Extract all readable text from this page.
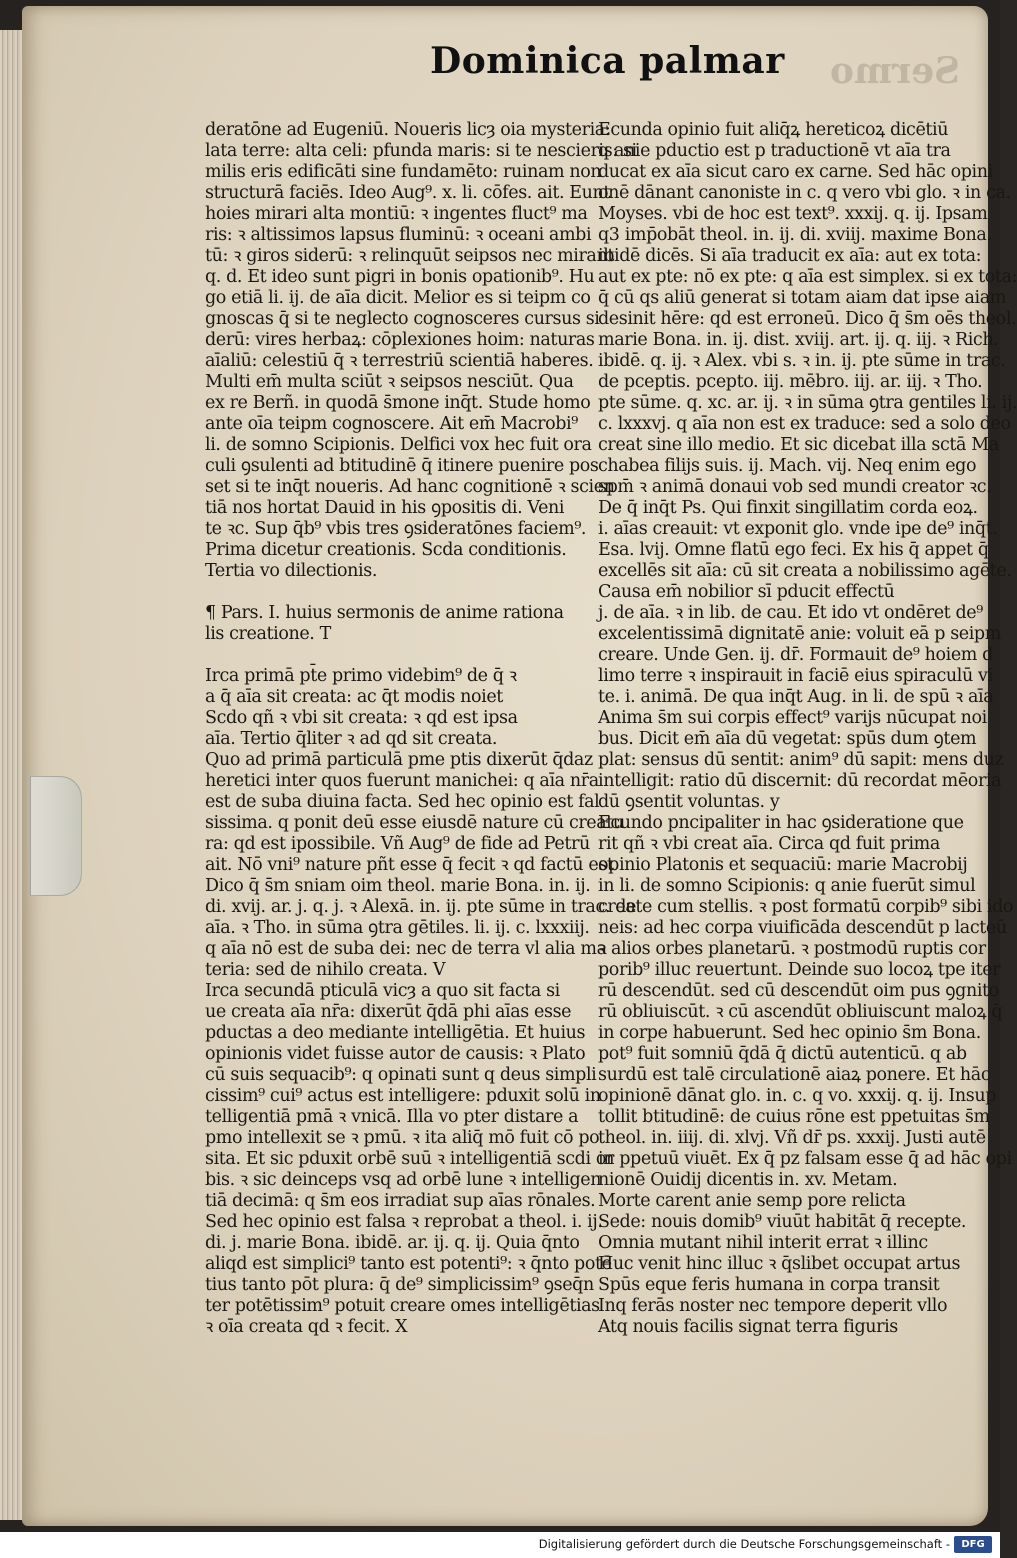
Dominica palmar	Sermo
deratōne ad Eugeniū. Noueris licȝ oia mysteria:
lata terre: alta celi: pfunda maris: si te nescieris: si
milis eris edificāti sine fundamēto: ruinam non
structurā faciēs. Ideo Aug⁹. x. li. cōfes. ait. Eunt
hoies mirari alta montiū: ꝛ ingentes fluct⁹ ma
ris: ꝛ altissimos lapsus fluminū: ꝛ oceani ambi
tū: ꝛ giros siderū: ꝛ relinquūt seipsos nec mirant
q. d. Et ideo sunt pigri in bonis opationib⁹. Hu
go etiā li. ij. de aīa dicit. Melior es si teipm co
gnoscas q̄ si te neglecto cognosceres cursus si
derū: vires herbaꝝ: cōplexiones hoim: naturas
aīaliū: celestiū q̄ ꝛ terrestriū scientiā haberes.
Multi em̄ multa sciūt ꝛ seipsos nesciūt. Qua
ex re Berñ. in quodā s̄mone inq̄t. Stude homo
ante oīa teipm cognoscere. Ait em̄ Macrobi⁹
li. de somno Scipionis. Delfici vox hec fuit ora
culi ꝯsulenti ad btitudinē q̄ itinere puenire pos
set si te inq̄t noueris. Ad hanc cognitionē ꝛ scien
tiā nos hortat Dauid in his ꝯpositis di. Veni
te ꝛc. Sup q̄b⁹ vbis tres ꝯsideratōnes faciem⁹.
Prima dicetur creationis. Scda conditionis.
Tertia vo dilectionis.
¶ Pars. I. huius sermonis de anime rationa
lis creatione. T
Irca primā pt̄e primo videbim⁹ de q̄ ꝛ
a q̄ aīa sit creata: ac q̄t modis noiet
Scdo qñ ꝛ vbi sit creata: ꝛ qd est ipsa
aīa. Tertio q̄liter ꝛ ad qd sit creata.
Quo ad primā particulā pme ptis dixerūt q̄daz
heretici inter quos fuerunt manichei: q aīa nr̄a
est de suba diuina facta. Sed hec opinio est fal
sissima. q ponit deū esse eiusdē nature cū creatu
ra: qd est ipossibile. Vñ Aug⁹ de fide ad Petrū
ait. Nō vni⁹ nature pñt esse q̄ fecit ꝛ qd factū est
Dico q̄ s̄m sniam oim theol. marie Bona. in. ij.
di. xvij. ar. j. q. j. ꝛ Alexā. in. ij. pte sūme in trac. de
aīa. ꝛ Tho. in sūma ꝯtra gētiles. li. ij. c. lxxxiij.
q aīa nō est de suba dei: nec de terra vl alia ma
teria: sed de nihilo creata. V
Irca secundā pticulā vicȝ a quo sit facta si
ue creata aīa nr̄a: dixerūt q̄dā phi aīas esse
pductas a deo mediante intelligētia. Et huius
opinionis videt fuisse autor de causis: ꝛ Plato
cū suis sequacib⁹: q opinati sunt q deus simpli
cissim⁹ cui⁹ actus est intelligere: pduxit solū in
telligentiā pmā ꝛ vnicā. Illa vo pter distare a
pmo intellexit se ꝛ pmū. ꝛ ita aliq̄ mō fuit cō po
sita. Et sic pduxit orbē suū ꝛ intelligentiā scdi or
bis. ꝛ sic deinceps vsq ad orbē lune ꝛ intelligen
tiā decimā: q s̄m eos irradiat sup aīas rōnales.
Sed hec opinio est falsa ꝛ reprobat a theol. i. ij.
di. j. marie Bona. ibidē. ar. ij. q. ij. Quia q̄nto
aliqd est simplici⁹ tanto est potenti⁹: ꝛ q̄nto potē
tius tanto pōt plura: q̄ de⁹ simplicissim⁹ ꝯseq̄n
ter potētissim⁹ potuit creare omes intelligētias
ꝛ oīa creata qd ꝛ fecit. X
Ecunda opinio fuit aliq̄ꝝ hereticoꝝ dicētiū
q anie pductio est p traductionē vt aīa tra
ducat ex aīa sicut caro ex carne. Sed hāc opini
onē dānant canoniste in c. q vero vbi glo. ꝛ in ca.
Moyses. vbi de hoc est text⁹. xxxij. q. ij. Ipsam
q3 imp̄obāt theol. in. ij. di. xviij. maxime Bona.
ibidē dicēs. Si aīa traducit ex aīa: aut ex tota:
aut ex pte: nō ex pte: q aīa est simplex. si ex tota:
q̄ cū qs aliū generat si totam aiam dat ipse aiam
desinit hēre: qd est erroneū. Dico q̄ s̄m oēs theol.
marie Bona. in. ij. dist. xviij. art. ij. q. iij. ꝛ Rich.
ibidē. q. ij. ꝛ Alex. vbi s. ꝛ in. ij. pte sūme in trac.
de pceptis. pcepto. iij. mēbro. iij. ar. iij. ꝛ Tho.
pte sūme. q. xc. ar. ij. ꝛ in sūma ꝯtra gentiles li. ij.
c. lxxxvj. q aīa non est ex traduce: sed a solo deo
creat sine illo medio. Et sic dicebat illa sctā Ma
chabea filijs suis. ij. Mach. vij. Neq enim ego
spm̄ ꝛ animā donaui vob sed mundi creator ꝛc.
De q̄ inq̄t Ps. Qui finxit singillatim corda eoꝝ.
i. aīas creauit: vt exponit glo. vnde ipe de⁹ inq̄t.
Esa. lvij. Omne flatū ego feci. Ex his q̄ appet q̄
excellēs sit aīa: cū sit creata a nobilissimo agēte.
Causa em̄ nobilior sī pducit effectū
j. de aīa. ꝛ in lib. de cau. Et ido vt ondēret de⁹
excelentissimā dignitatē anie: voluit eā p seipm
creare. Unde Gen. ij. dr̄. Formauit de⁹ hoiem d
limo terre ꝛ inspirauit in faciē eius spiraculū vi
te. i. animā. De qua inq̄t Aug. in li. de spū ꝛ aīa
Anima s̄m sui corpis effect⁹ varijs nūcupat noi
bus. Dicit em̄ aīa dū vegetat: spūs dum ꝯtem
plat: sensus dū sentit: anim⁹ dū sapit: mens duz
intelligit: ratio dū discernit: dū recordat mēoria
dū ꝯsentit voluntas. y
Ecundo pncipaliter in hac ꝯsideratione que
rit qñ ꝛ vbi creat aīa. Circa qd fuit prima
opinio Platonis et sequaciū: marie Macrobij
in li. de somno Scipionis: q anie fuerūt simul
create cum stellis. ꝛ post formatū corpib⁹ sibi ido
neis: ad hec corpa viuificāda descendūt p lacteū
ꝛ alios orbes planetarū. ꝛ postmodū ruptis cor
porib⁹ illuc reuertunt. Deinde suo locoꝝ tpe iter
rū descendūt. sed cū descendūt oim pus ꝯgnito
rū obliuiscūt. ꝛ cū ascendūt obliuiscunt maloꝝ q̄
in corpe habuerunt. Sed hec opinio s̄m Bona.
pot⁹ fuit somniū q̄dā q̄ dictū autenticū. q ab
surdū est talē circulationē aiaꝝ ponere. Et hāc
opinionē dānat glo. in. c. q vo. xxxij. q. ij. Insup
tollit btitudinē: de cuius rōne est ppetuitas s̄m
theol. in. iiij. di. xlvj. Vñ dr̄ ps. xxxij. Justi autē
in ppetuū viuēt. Ex q̄ pz falsam esse q̄ ad hāc opi
nionē Ouidij dicentis in. xv. Metam.
Morte carent anie semp pore relicta
Sede: nouis domib⁹ viuūt habitāt q̄ recepte.
Omnia mutant nihil interit errat ꝛ illinc
Huc venit hinc illuc ꝛ q̄slibet occupat artus
Spūs eque feris humana in corpa transit
Inq ferās noster nec tempore deperit vllo
Atq nouis facilis signat terra figuris
Digitalisierung gefördert durch die Deutsche Forschungsgemeinschaft -	DFG
